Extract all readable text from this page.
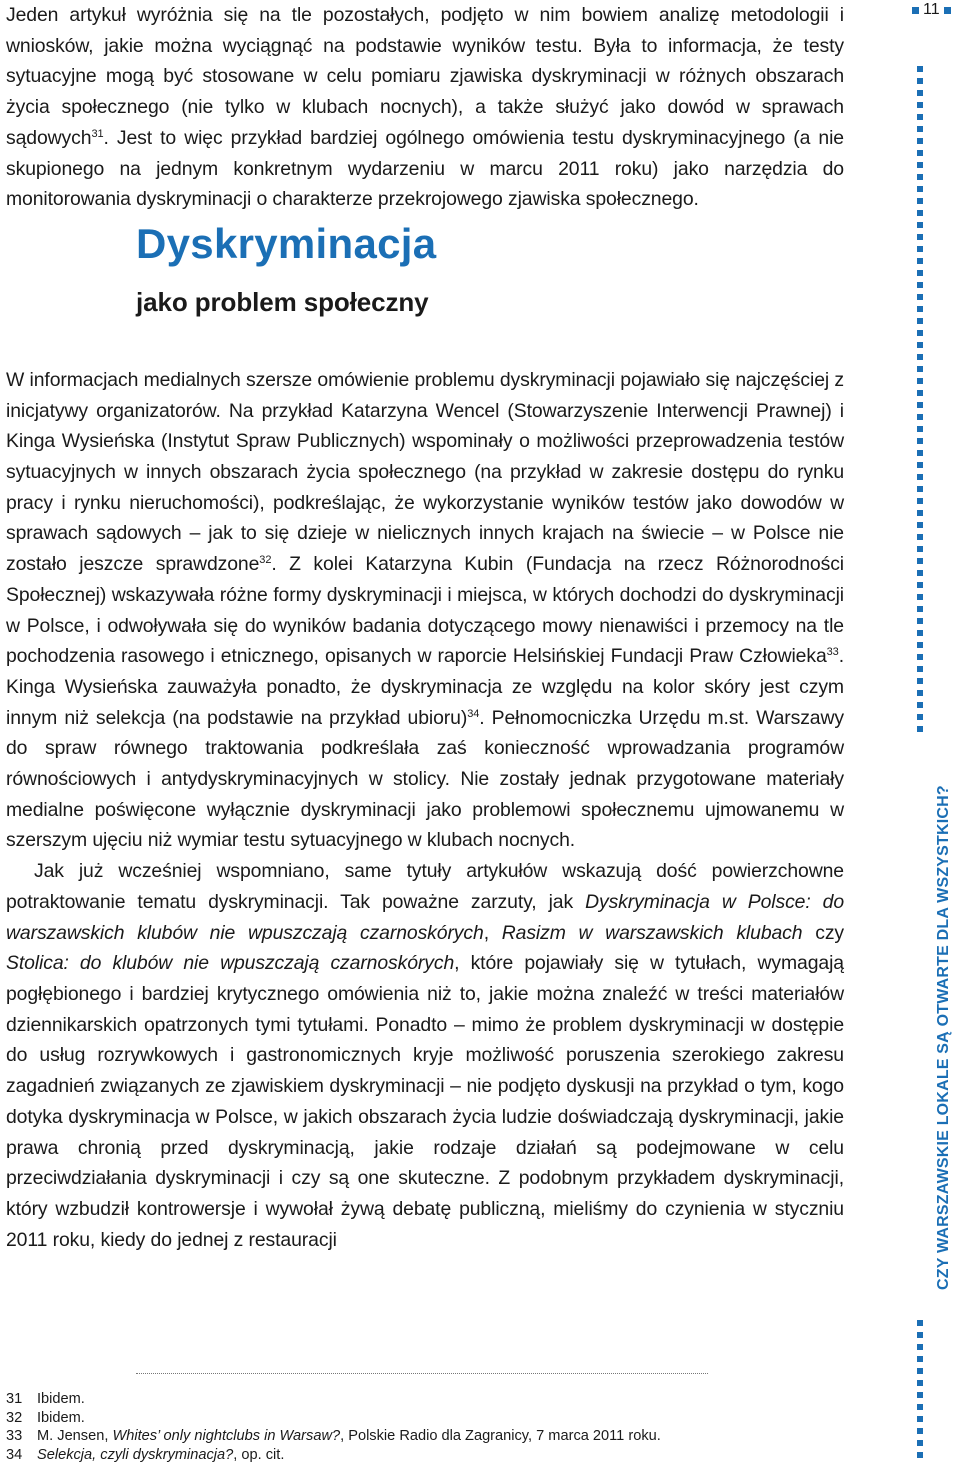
11
CZY WARSZAWSKIE LOKALE SĄ OTWARTE DLA WSZYSTKICH?

Jeden artykuł wyróżnia się na tle pozostałych, podjęto w nim bowiem analizę metodologii i wniosków, jakie można wyciągnąć na podstawie wyników testu. Była to informacja, że testy sytuacyjne mogą być stosowane w celu pomiaru zjawiska dyskryminacji w różnych obszarach życia społecznego (nie tylko w klubach nocnych), a także służyć jako dowód w sprawach sądowych$^{31}$. Jest to więc przykład bardziej ogólnego omówienia testu dyskryminacyjnego (a nie skupionego na jednym konkretnym wydarzeniu w marcu 2011 roku) jako narzędzia do monitorowania dyskryminacji o charakterze przekrojowego zjawiska społecznego.

Dyskryminacja
jako problem społeczny

W informacjach medialnych szersze omówienie problemu dyskryminacji pojawiało się najczęściej z inicjatywy organizatorów. Na przykład Katarzyna Wencel (Stowarzyszenie Interwencji Prawnej) i Kinga Wysieńska (Instytut Spraw Publicznych) wspominały o możliwości przeprowadzenia testów sytuacyjnych w innych obszarach życia społecznego (na przykład w zakresie dostępu do rynku pracy i rynku nieruchomości), podkreślając, że wykorzystanie wyników testów jako dowodów w sprawach sądowych – jak to się dzieje w nielicznych innych krajach na świecie – w Polsce nie zostało jeszcze sprawdzone$^{32}$. Z kolei Katarzyna Kubin (Fundacja na rzecz Różnorodności Społecznej) wskazywała różne formy dyskryminacji i miejsca, w których dochodzi do dyskryminacji w Polsce, i odwoływała się do wyników badania dotyczącego mowy nienawiści i przemocy na tle pochodzenia rasowego i etnicznego, opisanych w raporcie Helsińskiej Fundacji Praw Człowieka$^{33}$. Kinga Wysieńska zauważyła ponadto, że dyskryminacja ze względu na kolor skóry jest czym innym niż selekcja (na podstawie na przykład ubioru)$^{34}$. Pełnomocniczka Urzędu m.st. Warszawy do spraw równego traktowania podkreślała zaś konieczność wprowadzania programów równościowych i antydyskryminacyjnych w stolicy. Nie zostały jednak przygotowane materiały medialne poświęcone wyłącznie dyskryminacji jako problemowi społecznemu ujmowanemu w szerszym ujęciu niż wymiar testu sytuacyjnego w klubach nocnych.

Jak już wcześniej wspomniano, same tytuły artykułów wskazują dość powierzchowne potraktowanie tematu dyskryminacji. Tak poważne zarzuty, jak Dyskryminacja w Polsce: do warszawskich klubów nie wpuszczają czarnoskórych, Rasizm w warszawskich klubach czy Stolica: do klubów nie wpuszczają czarnoskórych, które pojawiały się w tytułach, wymagają pogłębionego i bardziej krytycznego omówienia niż to, jakie można znaleźć w treści materiałów dziennikarskich opatrzonych tymi tytułami. Ponadto – mimo że problem dyskryminacji w dostępie do usług rozrywkowych i gastronomicznych kryje możliwość poruszenia szerokiego zakresu zagadnień związanych ze zjawiskiem dyskryminacji – nie podjęto dyskusji na przykład o tym, kogo dotyka dyskryminacja w Polsce, w jakich obszarach życia ludzie doświadczają dyskryminacji, jakie prawa chronią przed dyskryminacją, jakie rodzaje działań są podejmowane w celu przeciwdziałania dyskryminacji i czy są one skuteczne. Z podobnym przykładem dyskryminacji, który wzbudził kontrowersje i wywołał żywą debatę publiczną, mieliśmy do czynienia w styczniu 2011 roku, kiedy do jednej z restauracji

31	Ibidem.
32	Ibidem.
33	M. Jensen, Whites’ only nightclubs in Warsaw?, Polskie Radio dla Zagranicy, 7 marca 2011 roku.
34	Selekcja, czyli dyskryminacja?, op. cit.
